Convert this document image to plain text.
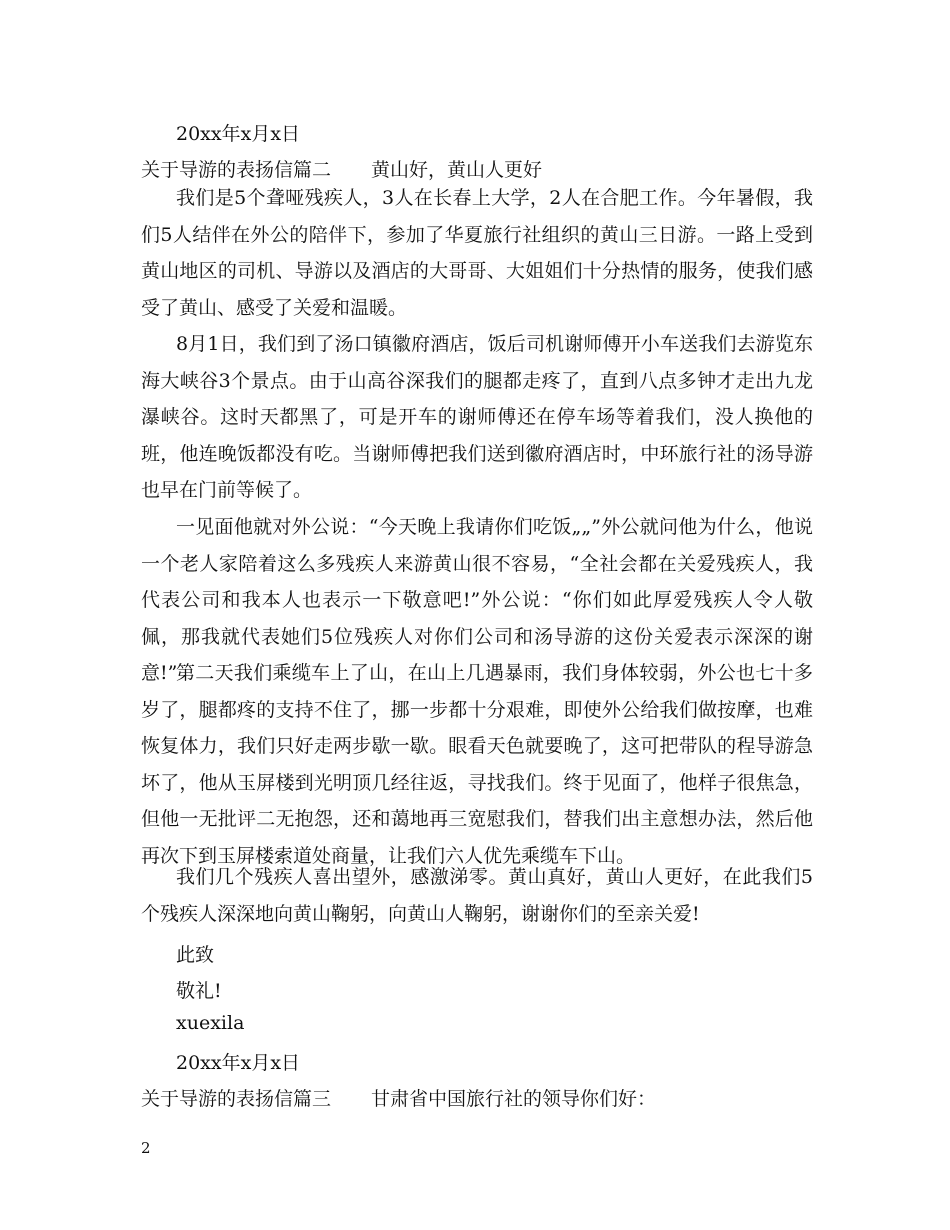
20xx年x月x日
关于导游的表扬信篇二 黄山好，黄山人更好
我们是5个聋哑残疾人，3人在长春上大学，2人在合肥工作。今年暑假，我们5人结伴在外公的陪伴下，参加了华夏旅行社组织的黄山三日游。一路上受到黄山地区的司机、导游以及酒店的大哥哥、大姐姐们十分热情的服务，使我们感受了黄山、感受了关爱和温暖。
8月1日，我们到了汤口镇徽府酒店，饭后司机谢师傅开小车送我们去游览东海大峡谷3个景点。由于山高谷深我们的腿都走疼了，直到八点多钟才走出九龙瀑峡谷。这时天都黑了，可是开车的谢师傅还在停车场等着我们，没人换他的班，他连晚饭都没有吃。当谢师傅把我们送到徽府酒店时，中环旅行社的汤导游也早在门前等候了。
一见面他就对外公说：“今天晚上我请你们吃饭„„”外公就问他为什么，他说一个老人家陪着这么多残疾人来游黄山很不容易，“全社会都在关爱残疾人，我代表公司和我本人也表示一下敬意吧!”外公说：“你们如此厚爱残疾人令人敬佩，那我就代表她们5位残疾人对你们公司和汤导游的这份关爱表示深深的谢意!”
第二天我们乘缆车上了山，在山上几遇暴雨，我们身体较弱，外公也七十多岁了，腿都疼的支持不住了，挪一步都十分艰难，即使外公给我们做按摩，也难恢复体力，我们只好走两步歇一歇。眼看天色就要晚了，这可把带队的程导游急坏了，他从玉屏楼到光明顶几经往返，寻找我们。终于见面了，他样子很焦急，但他一无批评二无抱怨，还和蔼地再三宽慰我们，替我们出主意想办法，然后他再次下到玉屏楼索道处商量，让我们六人优先乘缆车下山。
我们几个残疾人喜出望外，感激涕零。黄山真好，黄山人更好，在此我们5个残疾人深深地向黄山鞠躬，向黄山人鞠躬，谢谢你们的至亲关爱!
此致
敬礼!
xuexila
20xx年x月x日
关于导游的表扬信篇三 甘肃省中国旅行社的领导你们好：
2
